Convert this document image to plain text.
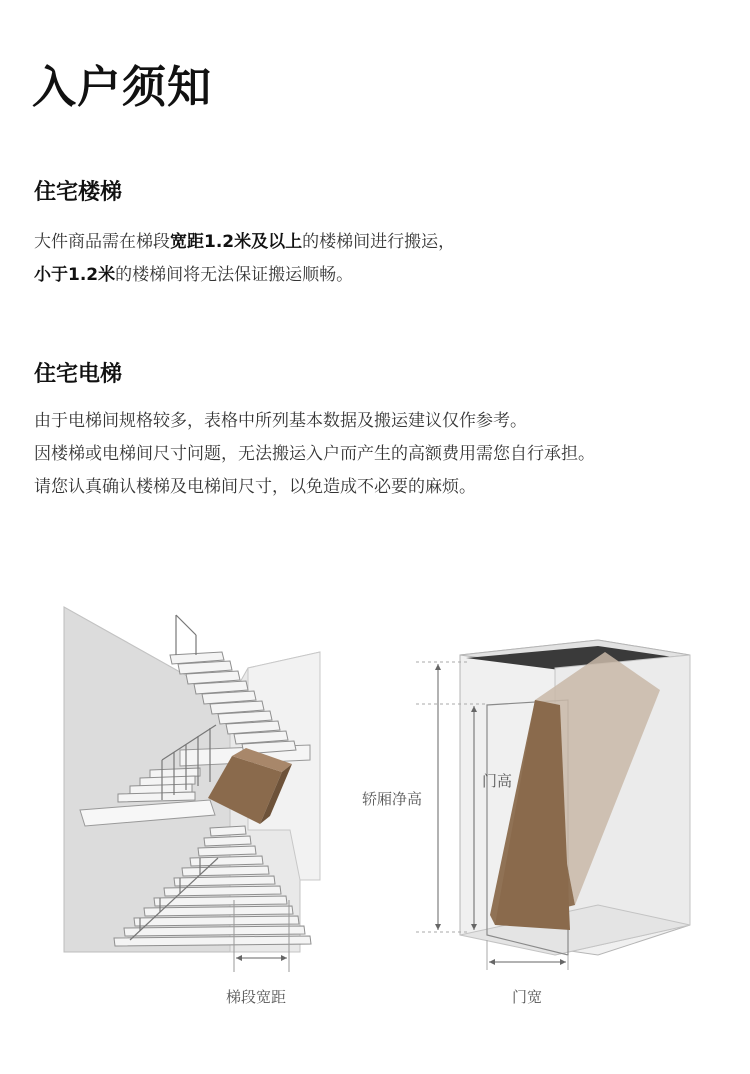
入户须知
住宅楼梯

大件商品需在梯段宽距1.2米及以上的楼梯间进行搬运，
小于1.2米的楼梯间将无法保证搬运顺畅。

住宅电梯

由于电梯间规格较多，表格中所列基本数据及搬运建议仅作参考。
因楼梯或电梯间尺寸问题，无法搬运入户而产生的高额费用需您自行承担。
请您认真确认楼梯及电梯间尺寸，以免造成不必要的麻烦。

梯段宽距
轿厢净高
门高
门宽
